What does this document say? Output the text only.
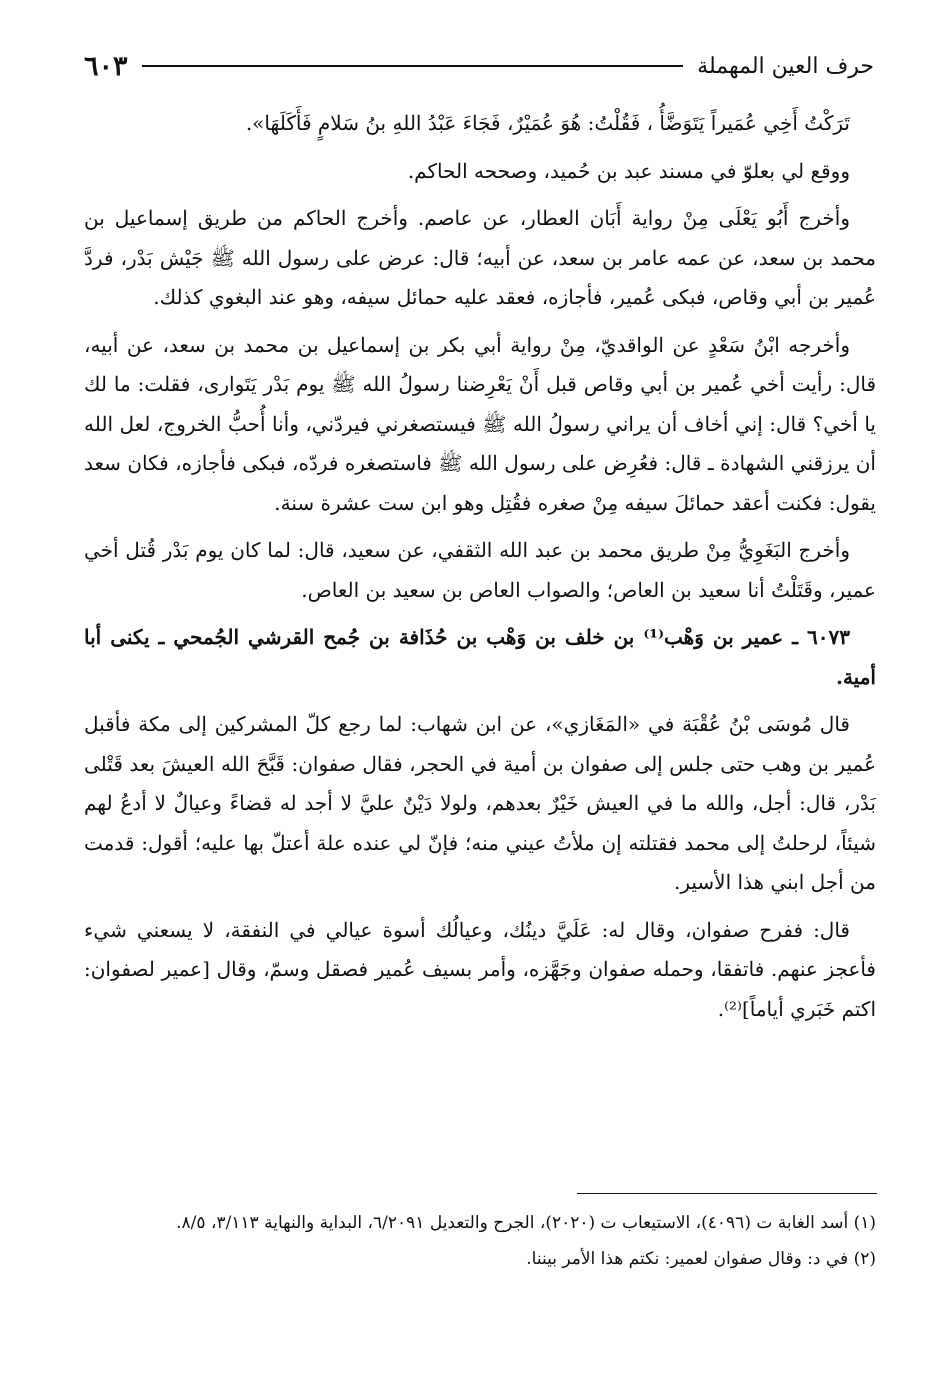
حرف العين المهملة
٦٠٣

تَرَكْتُ أَخِي عُمَيراً يَتَوَضَّأُ ، فَقُلْتُ: هُوَ عُمَيْرٌ، فَجَاءَ عَبْدُ اللهِ بنُ سَلامٍ فَأَكَلَهَا».

ووقع لي بعلوّ في مسند عبد بن حُميد، وصححه الحاكم.

وأخرج أَبُو يَعْلَى مِنْ رواية أَبَان العطار، عن عاصم. وأخرج الحاكم من طريق إسماعيل بن محمد بن سعد، عن عمه عامر بن سعد، عن أبيه؛ قال: عرض على رسول الله ﷺ جَيْش بَدْر، فردَّ عُمير بن أبي وقاص، فبكى عُمير، فأجازه، فعقد عليه حمائل سيفه، وهو عند البغوي كذلك.

وأخرجه ابْنُ سَعْدٍ عن الواقديّ، مِنْ رواية أبي بكر بن إسماعيل بن محمد بن سعد، عن أبيه، قال: رأيت أخي عُمير بن أبي وقاص قبل أَنْ يَعْرِضنا رسولُ الله ﷺ يوم بَدْر يَتَوارى، فقلت: ما لك يا أخي؟ قال: إني أخاف أن يراني رسولُ الله ﷺ فيستصغرني فيردّني، وأنا أُحبُّ الخروج، لعل الله أن يرزقني الشهادة ـ قال: فعُرِض على رسول الله ﷺ فاستصغره فردّه، فبكى فأجازه، فكان سعد يقول: فكنت أعقد حمائلَ سيفه مِنْ صغره فقُتِل وهو ابن ست عشرة سنة.

وأخرج البَغَوِيُّ مِنْ طريق محمد بن عبد الله الثقفي، عن سعيد، قال: لما كان يوم بَدْر قُتل أخي عمير، وقَتَلْتُ أنا سعيد بن العاص؛ والصواب العاص بن سعيد بن العاص.

٦٠٧٣ ـ عمير بن وَهْب⁽¹⁾ بن خلف بن وَهْب بن حُذَافة بن جُمح القرشي الجُمحي ـ يكنى أبا أمية.

قال مُوسَى بْنُ عُقْبَة في «المَغَازي»، عن ابن شهاب: لما رجع كلّ المشركين إلى مكة فأقبل عُمير بن وهب حتى جلس إلى صفوان بن أمية في الحجر، فقال صفوان: قَبَّحَ الله العيشَ بعد قَتْلى بَدْر، قال: أجل، والله ما في العيش خَيْرٌ بعدهم، ولولا دَيْنٌ عليَّ لا أجد له قضاءً وعيالٌ لا أدعُ لهم شيئاً، لرحلتُ إلى محمد فقتلته إن ملأتُ عيني منه؛ فإنّ لي عنده علة أعتلّ بها عليه؛ أقول: قدمت من أجل ابني هذا الأسير.

قال: ففرح صفوان، وقال له: عَلَيَّ دينُك، وعيالُك أسوة عيالي في النفقة، لا يسعني شيء فأعجز عنهم. فاتفقا، وحمله صفوان وجَهَّزه، وأمر بسيف عُمير فصقل وسمّ، وقال [عمير لصفوان: اكتم خَبَري أياماً]⁽²⁾.

(١) أسد الغابة ت (٤٠٩٦)، الاستيعاب ت (٢٠٢٠)، الجرح والتعديل ٦/٢٠٩١، البداية والنهاية ٣/١١٣، ٨/٥.

(٢) في د: وقال صفوان لعمير: نكتم هذا الأمر بيننا.
